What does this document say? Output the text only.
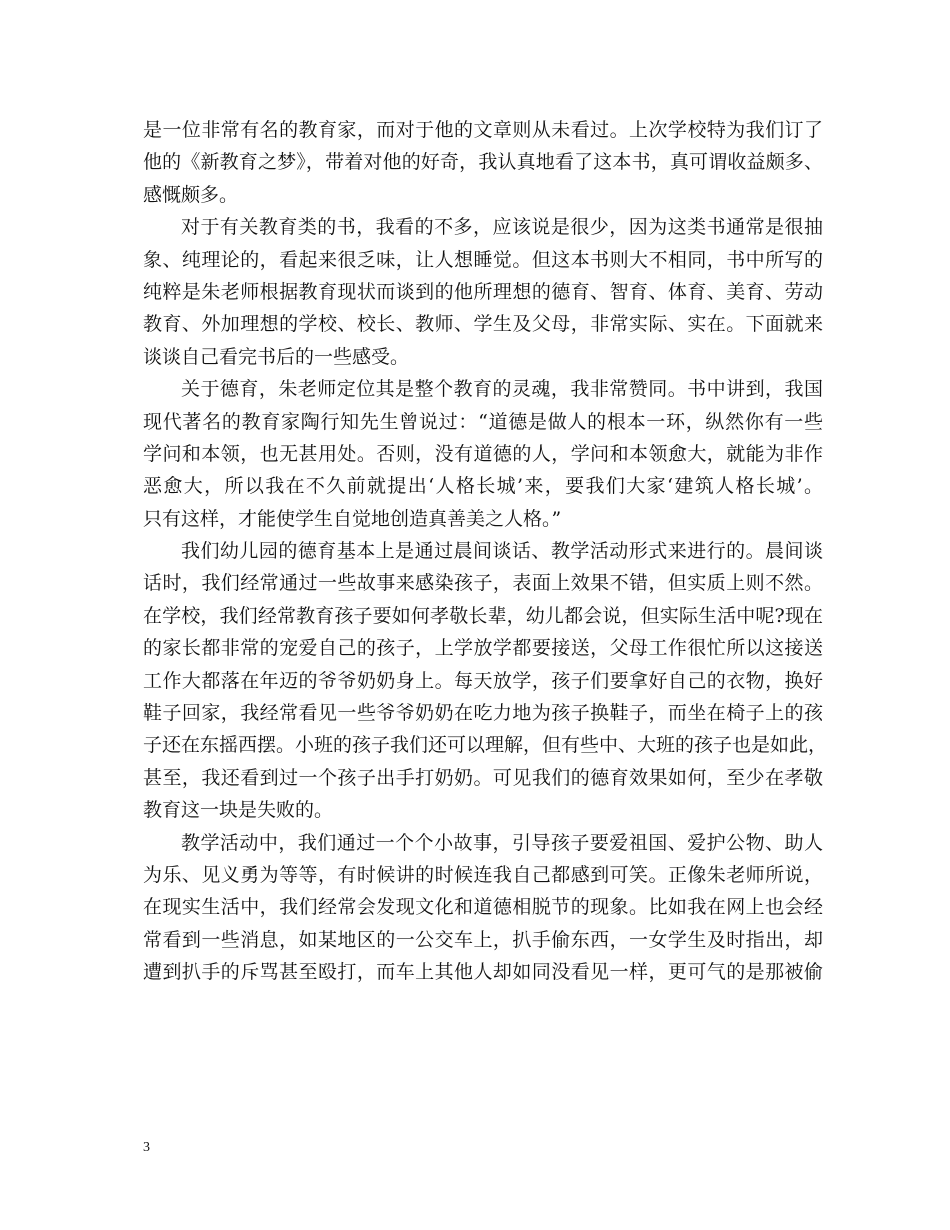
是一位非常有名的教育家，而对于他的文章则从未看过。上次学校特为我们订了
他的《新教育之梦》，带着对他的好奇，我认真地看了这本书，真可谓收益颇多、
感慨颇多。
对于有关教育类的书，我看的不多，应该说是很少，因为这类书通常是很抽
象、纯理论的，看起来很乏味，让人想睡觉。但这本书则大不相同，书中所写的
纯粹是朱老师根据教育现状而谈到的他所理想的德育、智育、体育、美育、劳动
教育、外加理想的学校、校长、教师、学生及父母，非常实际、实在。下面就来
谈谈自己看完书后的一些感受。
关于德育，朱老师定位其是整个教育的灵魂，我非常赞同。书中讲到，我国
现代著名的教育家陶行知先生曾说过：“道德是做人的根本一环，纵然你有一些
学问和本领，也无甚用处。否则，没有道德的人，学问和本领愈大，就能为非作
恶愈大，所以我在不久前就提出‘人格长城’来，要我们大家‘建筑人格长城’。
只有这样，才能使学生自觉地创造真善美之人格。”
我们幼儿园的德育基本上是通过晨间谈话、教学活动形式来进行的。晨间谈
话时，我们经常通过一些故事来感染孩子，表面上效果不错，但实质上则不然。
在学校，我们经常教育孩子要如何孝敬长辈，幼儿都会说，但实际生活中呢?现在
的家长都非常的宠爱自己的孩子，上学放学都要接送，父母工作很忙所以这接送
工作大都落在年迈的爷爷奶奶身上。每天放学，孩子们要拿好自己的衣物，换好
鞋子回家，我经常看见一些爷爷奶奶在吃力地为孩子换鞋子，而坐在椅子上的孩
子还在东摇西摆。小班的孩子我们还可以理解，但有些中、大班的孩子也是如此，
甚至，我还看到过一个孩子出手打奶奶。可见我们的德育效果如何，至少在孝敬
教育这一块是失败的。
教学活动中，我们通过一个个小故事，引导孩子要爱祖国、爱护公物、助人
为乐、见义勇为等等，有时候讲的时候连我自己都感到可笑。正像朱老师所说，
在现实生活中，我们经常会发现文化和道德相脱节的现象。比如我在网上也会经
常看到一些消息，如某地区的一公交车上，扒手偷东西，一女学生及时指出，却
遭到扒手的斥骂甚至殴打，而车上其他人却如同没看见一样，更可气的是那被偷
3
